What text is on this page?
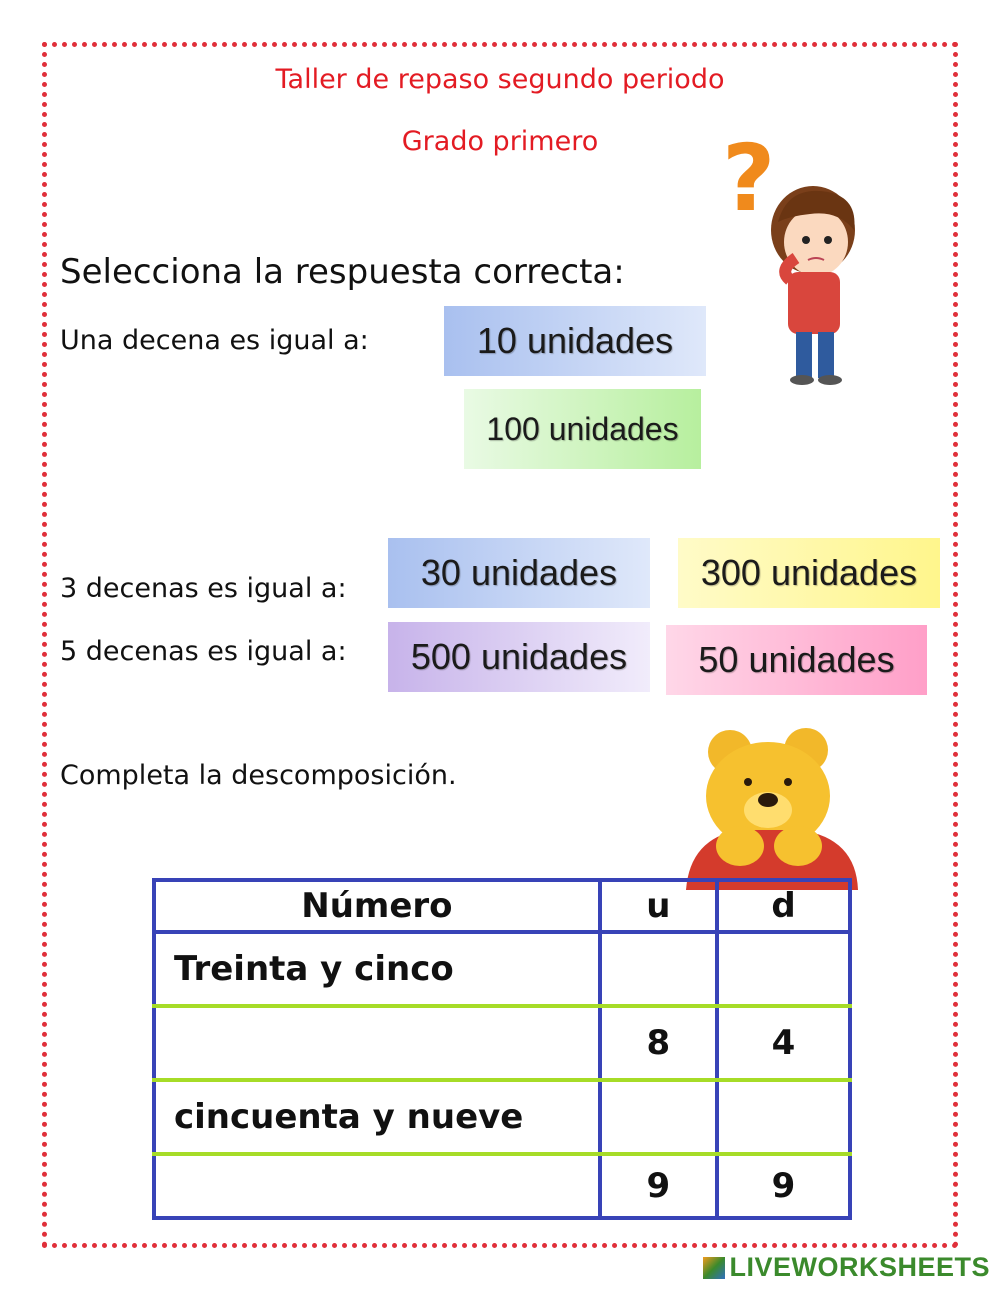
Taller de repaso segundo periodo
Grado primero	?
Selecciona la respuesta correcta:
Una decena es igual a:	10 unidades
100 unidades
3 decenas es igual a:	30 unidades	300 unidades
5 decenas es igual a:	500 unidades	50 unidades
Completa la descomposición.
Número	u	d
Treinta y cinco		
	8	4
cincuenta y nueve		
	9	9
LIVEWORKSHEETS
